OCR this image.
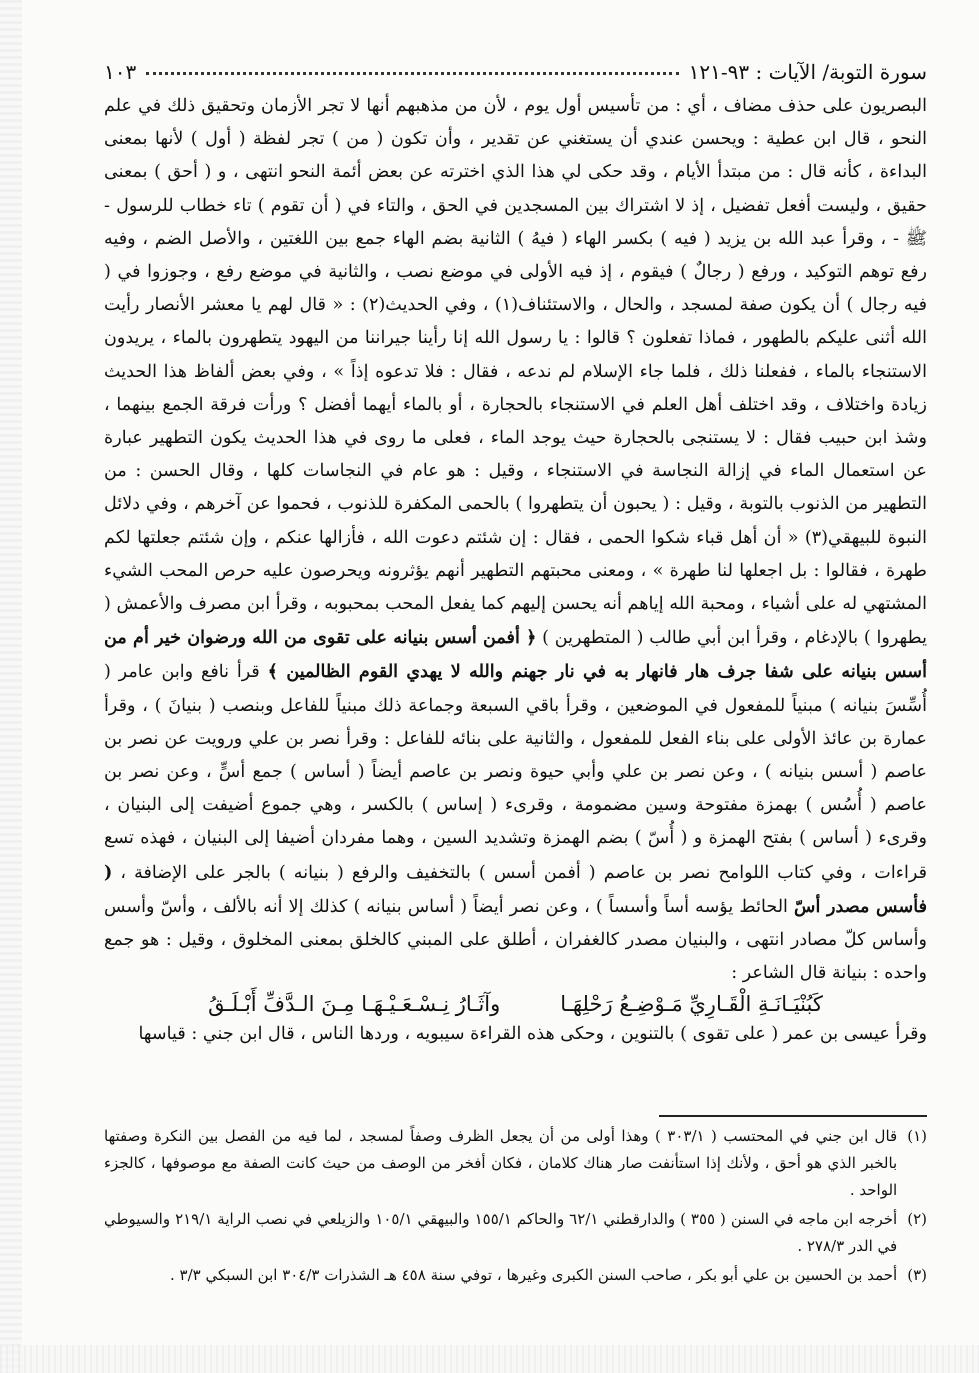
سورة التوبة/ الآيات : ٩٣-١٢١
١٠٣

البصريون على حذف مضاف ، أي : من تأسيس أول يوم ، لأن من مذهبهم أنها لا تجر الأزمان وتحقيق ذلك في علم النحو ، قال ابن عطية : ويحسن عندي أن يستغني عن تقدير ، وأن تكون ( من ) تجر لفظة ( أول ) لأنها بمعنى البداءة ، كأنه قال : من مبتدأ الأيام ، وقد حكى لي هذا الذي اخترته عن بعض أئمة النحو انتهى ، و ( أحق ) بمعنى حقيق ، وليست أفعل تفضيل ، إذ لا اشتراك بين المسجدين في الحق ، والتاء في ( أن تقوم ) تاء خطاب للرسول - ﷺ - ، وقرأ عبد الله بن يزيد ( فيه ) بكسر الهاء ( فيهُ ) الثانية بضم الهاء جمع بين اللغتين ، والأصل الضم ، وفيه رفع توهم التوكيد ، ورفع ( رجالٌ ) فيقوم ، إذ فيه الأولى في موضع نصب ، والثانية في موضع رفع ، وجوزوا في ( فيه رجال ) أن يكون صفة لمسجد ، والحال ، والاستئناف(١) ، وفي الحديث(٢) : « قال لهم يا معشر الأنصار رأيت الله أثنى عليكم بالطهور ، فماذا تفعلون ؟ قالوا : يا رسول الله إنا رأينا جيراننا من اليهود يتطهرون بالماء ، يريدون الاستنجاء بالماء ، ففعلنا ذلك ، فلما جاء الإسلام لم ندعه ، فقال : فلا تدعوه إذاً » ، وفي بعض ألفاظ هذا الحديث زيادة واختلاف ، وقد اختلف أهل العلم في الاستنجاء بالحجارة ، أو بالماء أيهما أفضل ؟ ورأت فرقة الجمع بينهما ، وشذ ابن حبيب فقال : لا يستنجى بالحجارة حيث يوجد الماء ، فعلى ما روى في هذا الحديث يكون التطهير عبارة عن استعمال الماء في إزالة النجاسة في الاستنجاء ، وقيل : هو عام في النجاسات كلها ، وقال الحسن : من التطهير من الذنوب بالتوبة ، وقيل : ( يحبون أن يتطهروا ) بالحمى المكفرة للذنوب ، فحموا عن آخرهم ، وفي دلائل النبوة للبيهقي(٣) « أن أهل قباء شكوا الحمى ، فقال : إن شئتم دعوت الله ، فأزالها عنكم ، وإن شئتم جعلتها لكم طهرة ، فقالوا : بل اجعلها لنا طهرة » ، ومعنى محبتهم التطهير أنهم يؤثرونه ويحرصون عليه حرص المحب الشيء المشتهي له على أشياء ، ومحبة الله إياهم أنه يحسن إليهم كما يفعل المحب بمحبوبه ، وقرأ ابن مصرف والأعمش ( يطهروا ) بالإدغام ، وقرأ ابن أبي طالب ( المتطهرين ) ﴿ أفمن أسس بنيانه على تقوى من الله ورضوان خير أم من أسس بنيانه على شفا جرف هار فانهار به في نار جهنم والله لا يهدي القوم الظالمين ﴾ قرأ نافع وابن عامر ( أُسِّسَ بنيانه ) مبنياً للمفعول في الموضعين ، وقرأ باقي السبعة وجماعة ذلك مبنياً للفاعل وبنصب ( بنيانَ ) ، وقرأ عمارة بن عائذ الأولى على بناء الفعل للمفعول ، والثانية على بنائه للفاعل : وقرأ نصر بن علي ورويت عن نصر بن عاصم ( أسس بنيانه ) ، وعن نصر بن علي وأبي حيوة ونصر بن عاصم أيضاً ( أساس ) جمع أسٍّ ، وعن نصر بن عاصم ( أُسُس ) بهمزة مفتوحة وسين مضمومة ، وقرىء ( إساس ) بالكسر ، وهي جموع أضيفت إلى البنيان ، وقرىء ( أساس ) بفتح الهمزة و ( أُسّ ) بضم الهمزة وتشديد السين ، وهما مفردان أضيفا إلى البنيان ، فهذه تسع قراءات ، وفي كتاب اللوامح نصر بن عاصم ( أفمن أسس ) بالتخفيف والرفع ( بنيانه ) بالجر على الإضافة ، ( فأسس مصدر أسّ الحائط يؤسه أساً وأسساً ) ، وعن نصر أيضاً ( أساس بنيانه ) كذلك إلا أنه بالألف ، وأسّ وأسس وأساس كلّ مصادر انتهى ، والبنيان مصدر كالغفران ، أطلق على المبني كالخلق بمعنى المخلوق ، وقيل : هو جمع واحده : بنيانة قال الشاعر :

كَبُنْيَـانَـةِ الْقَـارِيِّ مَـوْضِـعُ رَحْلِهَـا
وآثَـارُ نِـسْـعَـيْـهَـا مِـنَ الـدَّفِّ أَبْـلَـقُ

وقرأ عيسى بن عمر ( على تقوى ) بالتنوين ، وحكى هذه القراءة سيبويه ، وردها الناس ، قال ابن جني : قياسها

(١)
قال ابن جني في المحتسب ( ٣٠٣/١ ) وهذا أولى من أن يجعل الظرف وصفاً لمسجد ، لما فيه من الفصل بين النكرة وصفتها بالخبر الذي هو أحق ، ولأنك إذا استأنفت صار هناك كلامان ، فكان أفخر من الوصف من حيث كانت الصفة مع موصوفها ، كالجزء الواحد .
(٢)
أخرجه ابن ماجه في السنن ( ٣٥٥ ) والدارقطني ٦٢/١ والحاكم ١٥٥/١ والبيهقي ١٠٥/١ والزيلعي في نصب الراية ٢١٩/١ والسيوطي في الدر ٢٧٨/٣ .
(٣)
أحمد بن الحسين بن علي أبو بكر ، صاحب السنن الكبرى وغيرها ، توفي سنة ٤٥٨ هـ الشذرات ٣٠٤/٣ ابن السبكي ٣/٣ .
